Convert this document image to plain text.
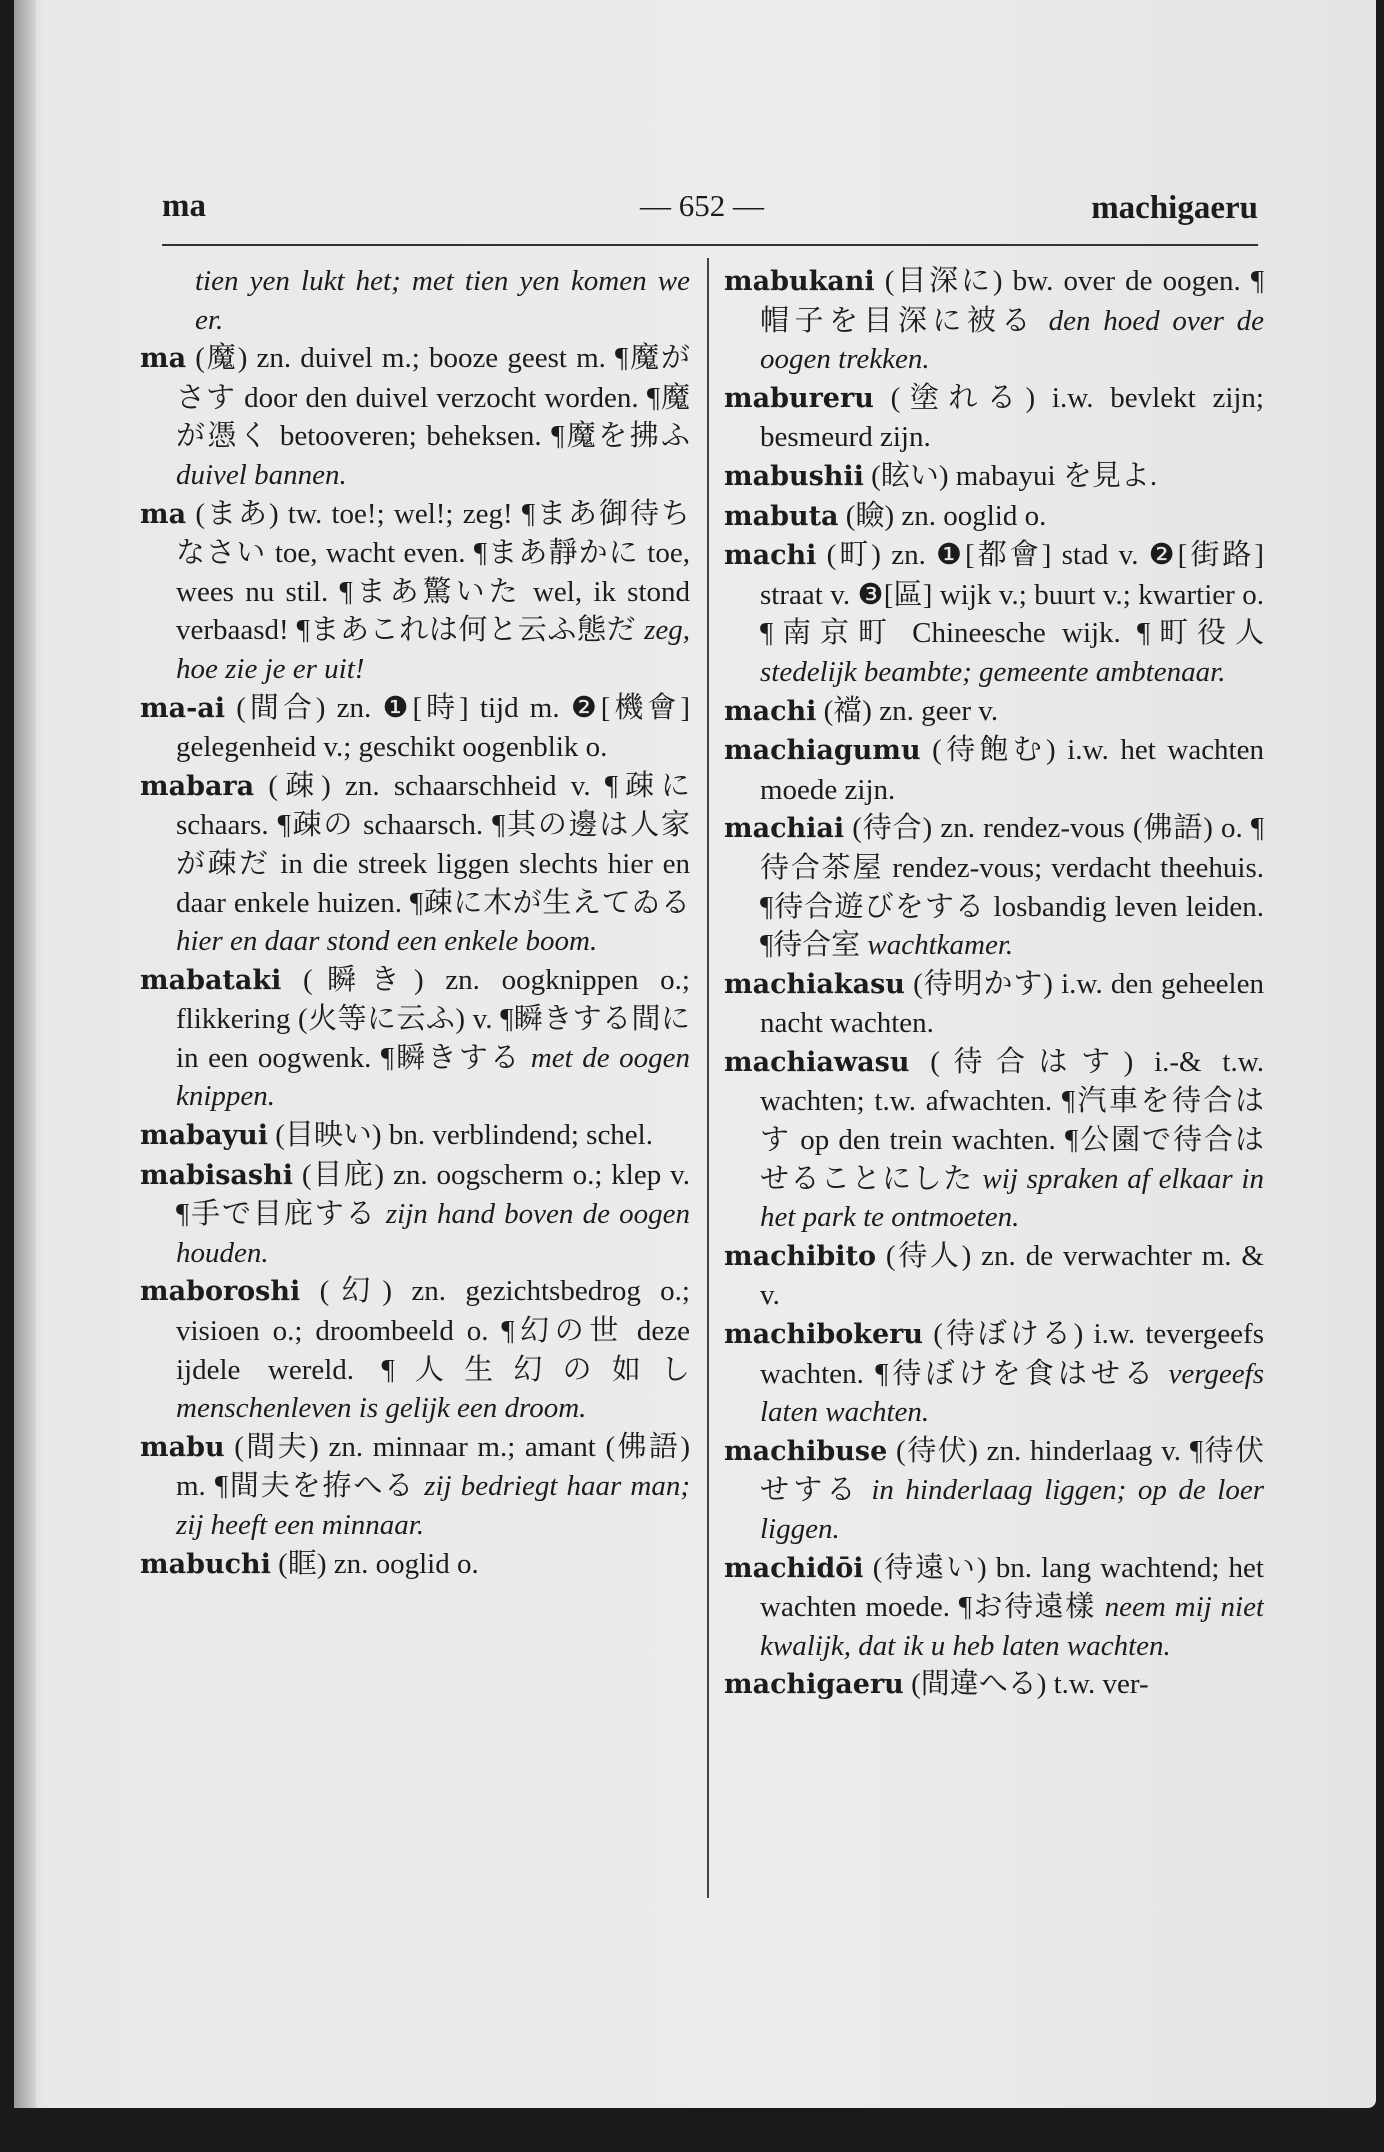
ma	— 652 —	machigaeru

tien yen lukt het; met tien yen komen we er.

ma (魔) zn. duivel m.; booze geest m. ¶魔がさす door den duivel verzocht worden. ¶魔が憑く betooveren; beheksen. ¶魔を拂ふ duivel bannen.

ma (まあ) tw. toe!; wel!; zeg! ¶まあ御待ちなさい toe, wacht even. ¶まあ靜かに toe, wees nu stil. ¶まあ驚いた wel, ik stond verbaasd! ¶まあこれは何と云ふ態だ zeg, hoe zie je er uit!

ma-ai (間合) zn. ❶[時] tijd m. ❷[機會] gelegenheid v.; geschikt oogenblik o.

mabara (疎) zn. schaarschheid v. ¶疎に schaars. ¶疎の schaarsch. ¶其の邊は人家が疎だ in die streek liggen slechts hier en daar enkele huizen. ¶疎に木が生えてゐる hier en daar stond een enkele boom.

mabataki (瞬き) zn. oogknippen o.; flikkering (火等に云ふ) v. ¶瞬きする間に in een oogwenk. ¶瞬きする met de oogen knippen.

mabayui (目映い) bn. verblindend; schel.

mabisashi (目庇) zn. oogscherm o.; klep v. ¶手で目庇する zijn hand boven de oogen houden.

maboroshi (幻) zn. gezichtsbedrog o.; visioen o.; droombeeld o. ¶幻の世 deze ijdele wereld. ¶人生幻の如し menschenleven is gelijk een droom.

mabu (間夫) zn. minnaar m.; amant (佛語) m. ¶間夫を拵へる zij bedriegt haar man; zij heeft een minnaar.

mabuchi (眶) zn. ooglid o.

mabukani (目深に) bw. over de oogen. ¶帽子を目深に被る den hoed over de oogen trekken.

mabureru (塗れる) i.w. bevlekt zijn; besmeurd zijn.

mabushii (眩い) mabayui を見よ.

mabuta (瞼) zn. ooglid o.

machi (町) zn. ❶[都會] stad v. ❷[街路] straat v. ❸[區] wijk v.; buurt v.; kwartier o. ¶南京町 Chineesche wijk. ¶町役人 stedelijk beambte; gemeente ambtenaar.

machi (襠) zn. geer v.

machiagumu (待飽む) i.w. het wachten moede zijn.

machiai (待合) zn. rendez-vous (佛語) o. ¶待合茶屋 rendez-vous; verdacht theehuis. ¶待合遊びをする losbandig leven leiden. ¶待合室 wachtkamer.

machiakasu (待明かす) i.w. den geheelen nacht wachten.

machiawasu (待合はす) i.-& t.w. wachten; t.w. afwachten. ¶汽車を待合はす op den trein wachten. ¶公園で待合はせることにした wij spraken af elkaar in het park te ontmoeten.

machibito (待人) zn. de verwachter m. & v.

machibokeru (待ぼける) i.w. tevergeefs wachten. ¶待ぼけを食はせる vergeefs laten wachten.

machibuse (待伏) zn. hinderlaag v. ¶待伏せする in hinderlaag liggen; op de loer liggen.

machidōi (待遠い) bn. lang wachtend; het wachten moede. ¶お待遠樣 neem mij niet kwalijk, dat ik u heb laten wachten.

machigaeru (間違へる) t.w. ver-
